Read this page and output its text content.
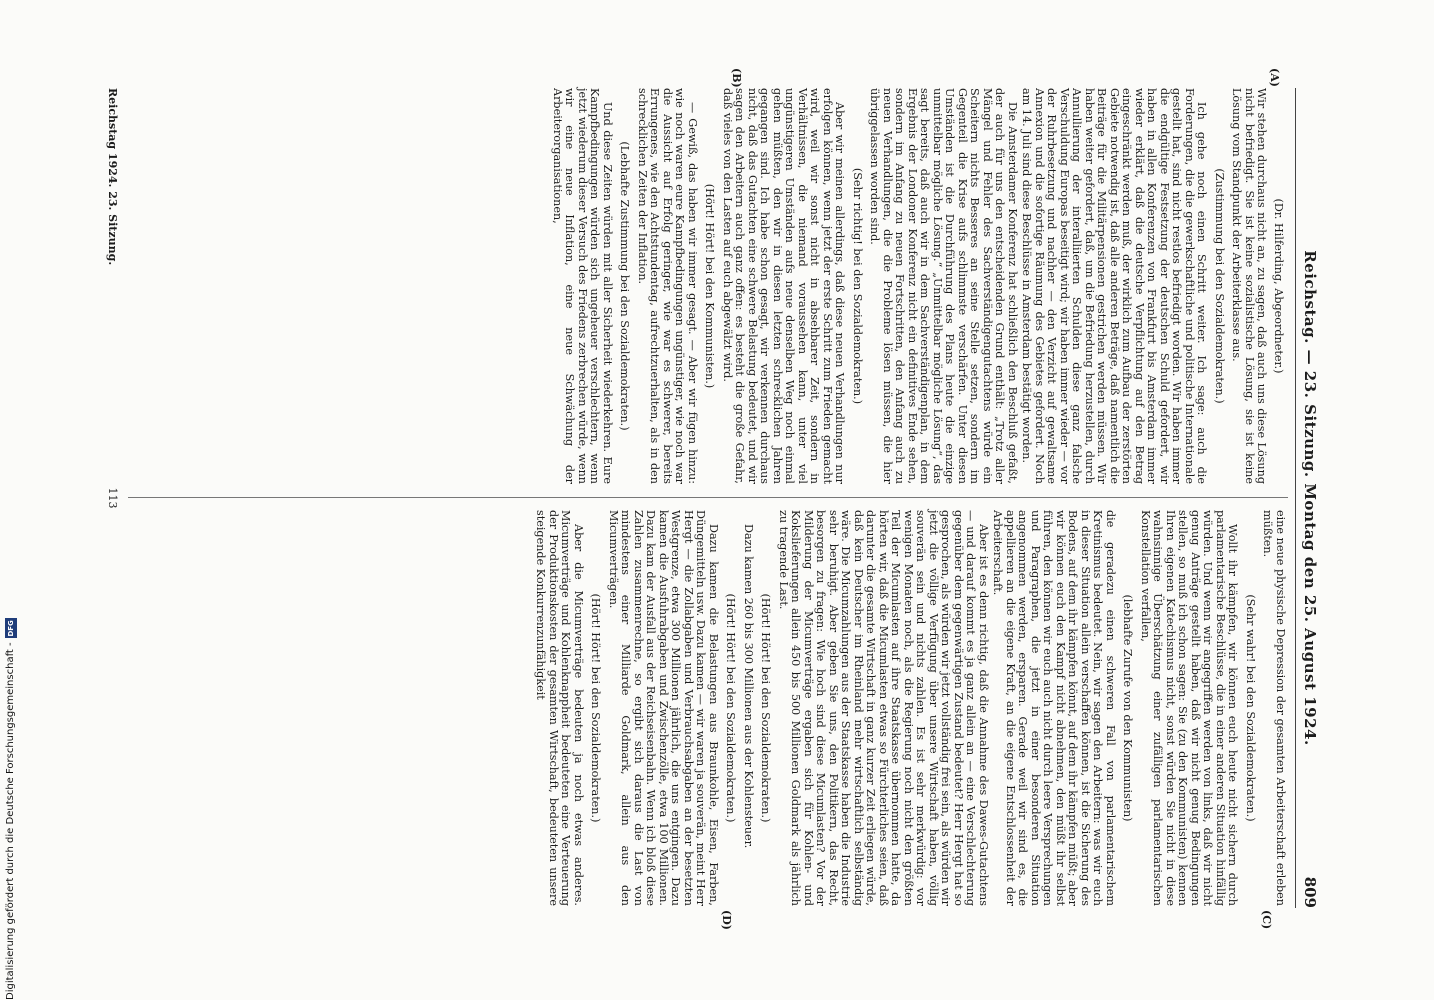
Digitalisierung gefördert durch die Deutsche Forschungsgemeinschaft -
DFG	Reichstag. — 23. Sitzung. Montag den 25. August 1924.
809
(A)
(B)
(C)
(D)

(Dr. Hilferding, Abgeordneter.)

Wir stehen durchaus nicht an, zu sagen, daß auch uns diese Lösung nicht befriedigt. Sie ist keine sozialistische Lösung, sie ist keine Lösung vom Standpunkt der Arbeiterklasse aus.

(Zustimmung bei den Sozialdemokraten.)

Ich gehe noch einen Schritt weiter. Ich sage: auch die Forderungen, die die gewerkschaftliche und politische Internationale gestellt hat, sind nicht restlos befriedigt worden. Wir haben immer die endgültige Festsetzung der deutschen Schuld gefordert, wir haben in allen Konferenzen von Frankfurt bis Amsterdam immer wieder erklärt, daß die deutsche Verpflichtung auf den Betrag eingeschränkt werden muß, der wirklich zum Aufbau der zerstörten Gebiete notwendig ist, daß alle anderen Beträge, daß namentlich die Beiträge für die Militärpensionen gestrichen werden müssen. Wir haben weiter gefordert, daß, um die Befriedung herzustellen, durch Annullierung der interalliierten Schulden diese ganz falsche Verschuldung Europas beseitigt wird; wir haben immer wieder — vor der Ruhrbesetzung und nachher — den Verzicht auf gewaltsame Annexion und die sofortige Räumung des Gebietes gefordert. Noch am 14. Juli sind diese Beschlüsse in Amsterdam bestätigt worden.

Die Amsterdamer Konferenz hat schließlich den Beschluß gefaßt, der auch für uns den entscheidenden Grund enthält: „Trotz aller Mängel und Fehler des Sachverständigengutachtens würde ein Scheitern nichts Besseres an seine Stelle setzen, sondern im Gegenteil die Krise aufs schlimmste verschärfen. Unter diesen Umständen ist die Durchführung des Plans heute die einzige unmittelbar mögliche Lösung.“ „Unmittelbar mögliche Lösung“, das sagt bereits, daß auch wir in dem Sachverständigenplan, in dem Ergebnis der Londoner Konferenz nicht ein definitives Ende sehen, sondern im Anfang zu neuen Fortschritten, den Anfang auch zu neuen Verhandlungen, die die Probleme lösen müssen, die hier übriggelassen worden sind.

(Sehr richtig! bei den Sozialdemokraten.)

Aber wir meinen allerdings, daß diese neuen Verhandlungen nur erfolgen können, wenn jetzt der erste Schritt zum Frieden gemacht wird, weil wir sonst nicht in absehbarer Zeit, sondern in Verhältnissen, die niemand voraussehen kann, unter viel ungünstigeren Umständen aufs neue denselben Weg noch einmal gehen müßten, den wir in diesen letzten schrecklichen Jahren gegangen sind. Ich habe schon gesagt, wir verkennen durchaus nicht, daß das Gutachten eine schwere Belastung bedeutet, und wir sagen den Arbeitern auch ganz offen: es besteht die große Gefahr, daß vieles von den Lasten auf euch abgewälzt wird.

(Hört! Hört! bei den Kommunisten.)

— Gewiß, das haben wir immer gesagt. — Aber wir fügen hinzu: wie noch waren eure Kampfbedingungen ungünstiger, wie noch war die Aussicht auf Erfolg geringer, wie war es schwerer, bereits Errungenes, wie den Achtstundentag, aufrechtzuerhalten, als in den schrecklichen Zeiten der Inflation.

(Lebhafte Zustimmung bei den Sozialdemokraten.)

Und diese Zeiten würden mit aller Sicherheit wiederkehren. Eure Kampfbedingungen würden sich ungeheuer verschlechtern, wenn jetzt wiederum dieser Versuch des Friedens zerbrechen würde, wenn wir eine neue Inflation, eine neue Schwächung der Arbeiterorganisationen,

eine neue physische Depression der gesamten Arbeiterschaft erleben müßten.

(Sehr wahr! bei den Sozialdemokraten.)

Wollt ihr kämpfen, wir können euch heute nicht sichern durch parlamentarische Beschlüsse, die in einer anderen Situation hinfällig würden. Und wenn wir angegriffen werden von links, daß wir nicht genug Anträge gestellt haben, daß wir nicht genug Bedingungen stellen, so muß ich schon sagen: Sie (zu den Kommunisten) kennen Ihren eigenen Katechismus nicht, sonst würden Sie nicht in diese wahnsinnige Überschätzung einer zufälligen parlamentarischen Konstellation verfallen,

(lebhafte Zurufe von den Kommunisten)

die geradezu einen schweren Fall von parlamentarischem Kretinismus bedeutet. Nein, wir sagen den Arbeitern: was wir euch in dieser Situation allein verschaffen können, ist die Sicherung des Bodens, auf dem ihr kämpfen könnt, auf dem ihr kämpfen müßt; aber wir können euch den Kampf nicht abnehmen, den müßt ihr selbst führen, den können wir euch auch nicht durch leere Versprechungen und Paragraphen, die jetzt in einer besonderen Situation angenommen werden, ersparen. Gerade weil wir sind es, die appellieren an die eigene Kraft, an die eigene Entschlossenheit der Arbeiterschaft.

Aber ist es denn richtig, daß die Annahme des Dawes-Gutachtens — und darauf kommt es ja ganz allein an — eine Verschlechterung gegenüber dem gegenwärtigen Zustand bedeutet? Herr Hergt hat so gesprochen, als würden wir jetzt vollständig frei sein, als würden wir jetzt die völlige Verfügung über unsere Wirtschaft haben, völlig souverän sein und nichts zahlen. Es ist sehr merkwürdig: vor wenigen Monaten noch, als die Regierung noch nicht den größten Teil der Micumlasten auf ihre Staatskasse übernommen hatte, da hörten wir, daß die Micumlasten etwas so Fürchterliches seien, daß darunter die gesamte Wirtschaft in ganz kurzer Zeit erliegen würde, daß kein Deutscher im Rheinland mehr wirtschaftlich selbständig wäre. Die Micumzahlungen aus der Staatskasse haben die Industrie sehr beruhigt. Aber geben Sie uns, den Politikern, das Recht, besorgen zu fragen: Wie hoch sind diese Micumlasten? Vor der Milderung der Micumverträge ergaben sich für Kohlen- und Kokslieferungen allein 450 bis 500 Millionen Goldmark als jährlich zu tragende Last.

(Hört! Hört! bei den Sozialdemokraten.)

Dazu kamen 260 bis 300 Millionen aus der Kohlensteuer.

(Hört! Hört! bei den Sozialdemokraten.)

Dazu kamen die Belastungen aus Braunkohle, Eisen, Farben, Düngemitteln usw. Dazu kamen — wir waren ja souverän, meint Herr Hergt — die Zollabgaben und Verbrauchsabgaben an der besetzten Westgrenze, etwa 300 Millionen jährlich, die uns entgingen. Dazu kamen die Ausfuhrabgaben und Zwischenzölle, etwa 100 Millionen. Dazu kam der Ausfall aus der Reichseisenbahn. Wenn ich bloß diese Zahlen zusammenrechne, so ergibt sich daraus die Last von mindestens einer Milliarde Goldmark, allein aus den Micumverträgen.

(Hört! Hört! bei den Sozialdemokraten.)

Aber die Micumverträge bedeuten ja noch etwas anderes. Micumverträge und Kohlenknappheit bedeuteten eine Verteuerung der Produktionskosten der gesamten Wirtschaft, bedeuteten unsere steigende Konkurrenzunfähigkeit

Reichstag 1924. 23. Sitzung.
113
